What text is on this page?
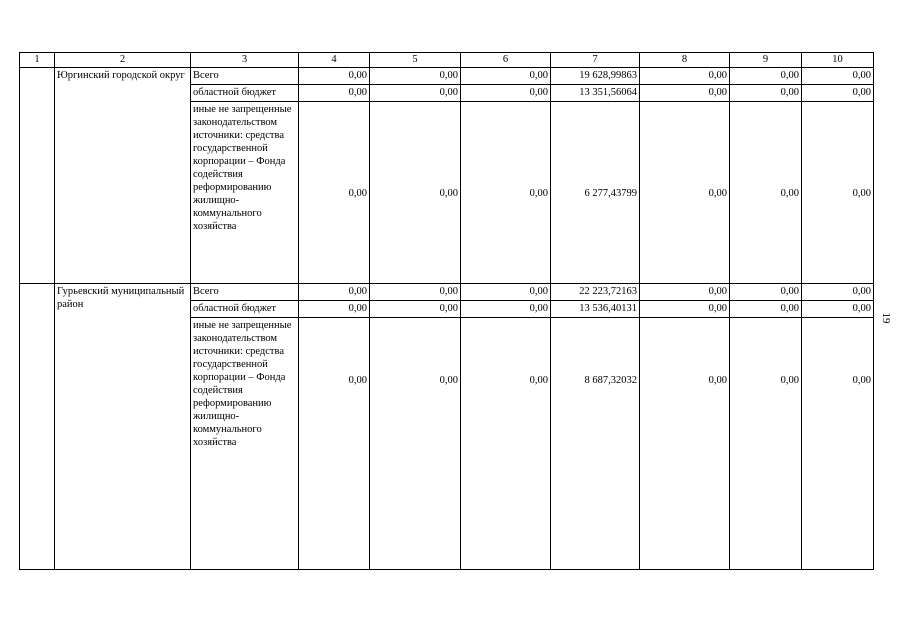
1	2	3	4	5	6	7	8	9	10
	Юргинский городской округ	Всего	0,00	0,00	0,00	19 628,99863	0,00	0,00	0,00
		областной бюджет	0,00	0,00	0,00	13 351,56064	0,00	0,00	0,00
		иные не запрещенные законодательством источники: средства государственной корпорации – Фонда содействия реформированию жилищно-коммунального хозяйства	0,00	0,00	0,00	6 277,43799	0,00	0,00	0,00
	Гурьевский муниципальный район	Всего	0,00	0,00	0,00	22 223,72163	0,00	0,00	0,00
		областной бюджет	0,00	0,00	0,00	13 536,40131	0,00	0,00	0,00
		иные не запрещенные законодательством источники: средства государственной корпорации – Фонда содействия реформированию жилищно-коммунального хозяйства	0,00	0,00	0,00	8 687,32032	0,00	0,00	0,00
19
